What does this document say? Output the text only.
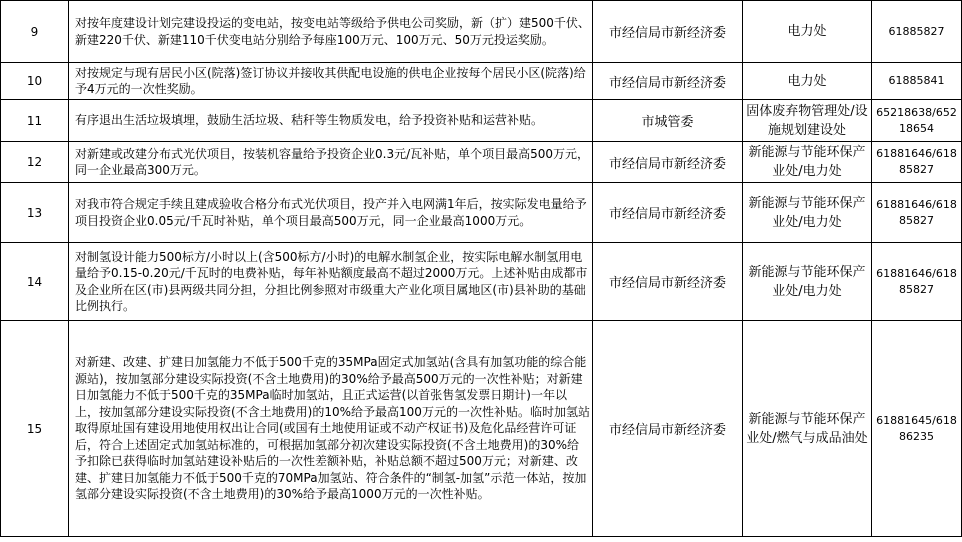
9	对按年度建设计划完建设投运的变电站，按变电站等级给予供电公司奖励，新（扩）建500千伏、新建220千伏、新建110千伏变电站分别给予每座100万元、100万元、50万元投运奖励。	市经信局市新经济委	电力处	61885827
10	对按规定与现有居民小区(院落)签订协议并接收其供配电设施的供电企业按每个居民小区(院落)给予4万元的一次性奖励。	市经信局市新经济委	电力处	61885841
11	有序退出生活垃圾填埋，鼓励生活垃圾、秸秆等生物质发电，给予投资补贴和运营补贴。	市城管委	固体废弃物管理处/设施规划建设处	65218638/65218654
12	对新建或改建分布式光伏项目，按装机容量给予投资企业0.3元/瓦补贴，单个项目最高500万元，同一企业最高300万元。	市经信局市新经济委	新能源与节能环保产业处/电力处	61881646/61885827
13	对我市符合规定手续且建成验收合格分布式光伏项目，投产并入电网满1年后，按实际发电量给予项目投资企业0.05元/千瓦时补贴，单个项目最高500万元，同一企业最高1000万元。	市经信局市新经济委	新能源与节能环保产业处/电力处	61881646/61885827
14	对制氢设计能力500标方/小时以上(含500标方/小时)的电解水制氢企业，按实际电解水制氢用电量给予0.15-0.20元/千瓦时的电费补贴，每年补贴额度最高不超过2000万元。上述补贴由成都市及企业所在区(市)县两级共同分担，分担比例参照对市级重大产业化项目属地区(市)县补助的基础比例执行。	市经信局市新经济委	新能源与节能环保产业处/电力处	61881646/61885827
15	对新建、改建、扩建日加氢能力不低于500千克的35MPa固定式加氢站(含具有加氢功能的综合能源站)，按加氢部分建设实际投资(不含土地费用)的30%给予最高500万元的一次性补贴；对新建日加氢能力不低于500千克的35MPa临时加氢站，且正式运营(以首张售氢发票日期计)一年以上，按加氢部分建设实际投资(不含土地费用)的10%给予最高100万元的一次性补贴。临时加氢站取得原址国有建设用地使用权出让合同(或国有土地使用证或不动产权证书)及危化品经营许可证后，符合上述固定式加氢站标准的，可根据加氢部分初次建设实际投资(不含土地费用)的30%给予扣除已获得临时加氢站建设补贴后的一次性差额补贴，补贴总额不超过500万元；对新建、改建、扩建日加氢能力不低于500千克的70MPa加氢站、符合条件的“制氢-加氢”示范一体站，按加氢部分建设实际投资(不含土地费用)的30%给予最高1000万元的一次性补贴。	市经信局市新经济委	新能源与节能环保产业处/燃气与成品油处	61881645/61886235
